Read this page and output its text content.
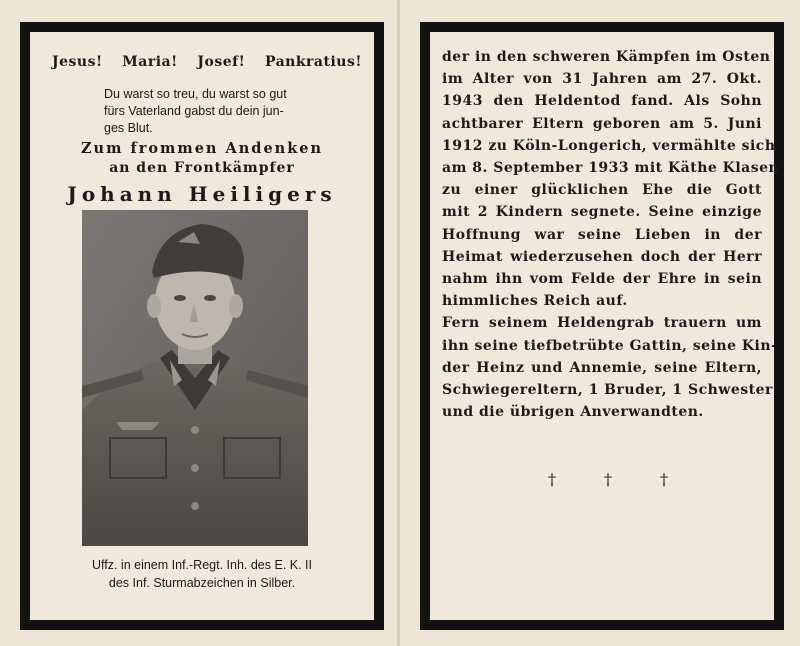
Jesus! Maria! Josef! Pankratius!
Du warst so treu, du warst so gut
fürs Vaterland gabst du dein jun-
ges Blut.
Zum frommen Andenken
an den Frontkämpfer
Johann Heiligers
Uffz. in einem Inf.-Regt. Inh. des E. K. II
des Inf. Sturmabzeichen in Silber.
der in den schweren Kämpfen im Osten
im Alter von 31 Jahren am 27. Okt.
1943 den Heldentod fand. Als Sohn
achtbarer Eltern geboren am 5. Juni
1912 zu Köln-Longerich, vermählte sich
am 8. September 1933 mit Käthe Klasen
zu einer glücklichen Ehe die Gott
mit 2 Kindern segnete. Seine einzige
Hoffnung war seine Lieben in der
Heimat wiederzusehen doch der Herr
nahm ihn vom Felde der Ehre in sein
himmliches Reich auf.
Fern seinem Heldengrab trauern um
ihn seine tiefbetrübte Gattin, seine Kin-
der Heinz und Annemie, seine Eltern,
Schwiegereltern, 1 Bruder, 1 Schwester
und die übrigen Anverwandten.
†	†	†
